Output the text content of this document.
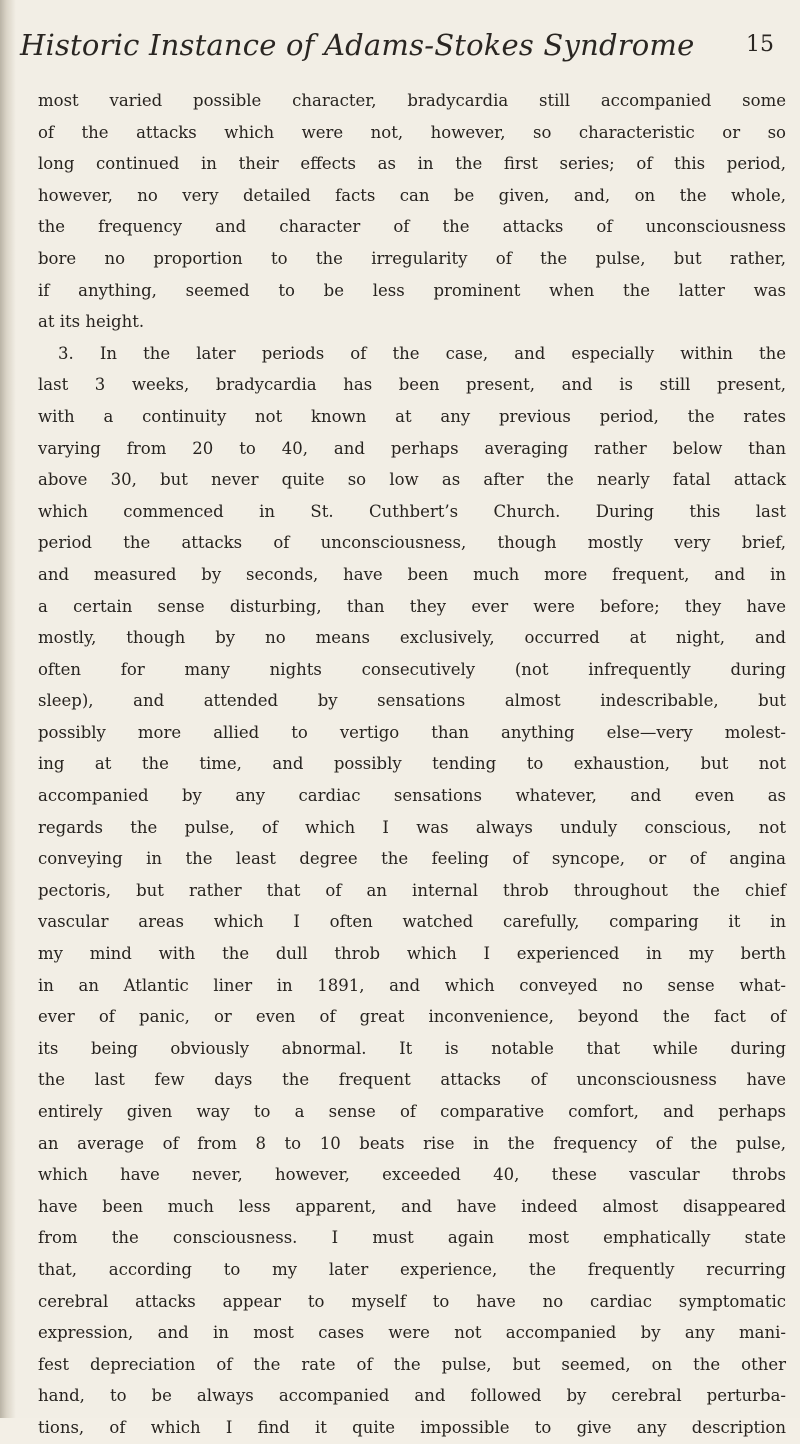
Historic Instance of Adams-Stokes Syndrome 15
most varied possible character, bradycardia still accompanied some
of the attacks which were not, however, so characteristic or so
long continued in their effects as in the first series; of this period,
however, no very detailed facts can be given, and, on the whole,
the frequency and character of the attacks of unconsciousness
bore no proportion to the irregularity of the pulse, but rather,
if anything, seemed to be less prominent when the latter was
at its height.
3. In the later periods of the case, and especially within the
last 3 weeks, bradycardia has been present, and is still present,
with a continuity not known at any previous period, the rates
varying from 20 to 40, and perhaps averaging rather below than
above 30, but never quite so low as after the nearly fatal attack
which commenced in St. Cuthbert’s Church. During this last
period the attacks of unconsciousness, though mostly very brief,
and measured by seconds, have been much more frequent, and in
a certain sense disturbing, than they ever were before; they have
mostly, though by no means exclusively, occurred at night, and
often for many nights consecutively (not infrequently during
sleep), and attended by sensations almost indescribable, but
possibly more allied to vertigo than anything else—very molest-
ing at the time, and possibly tending to exhaustion, but not
accompanied by any cardiac sensations whatever, and even as
regards the pulse, of which I was always unduly conscious, not
conveying in the least degree the feeling of syncope, or of angina
pectoris, but rather that of an internal throb throughout the chief
vascular areas which I often watched carefully, comparing it in
my mind with the dull throb which I experienced in my berth
in an Atlantic liner in 1891, and which conveyed no sense what-
ever of panic, or even of great inconvenience, beyond the fact of
its being obviously abnormal. It is notable that while during
the last few days the frequent attacks of unconsciousness have
entirely given way to a sense of comparative comfort, and perhaps
an average of from 8 to 10 beats rise in the frequency of the pulse,
which have never, however, exceeded 40, these vascular throbs
have been much less apparent, and have indeed almost disappeared
from the consciousness. I must again most emphatically state
that, according to my later experience, the frequently recurring
cerebral attacks appear to myself to have no cardiac symptomatic
expression, and in most cases were not accompanied by any mani-
fest depreciation of the rate of the pulse, but seemed, on the other
hand, to be always accompanied and followed by cerebral perturba-
tions, of which I find it quite impossible to give any description
